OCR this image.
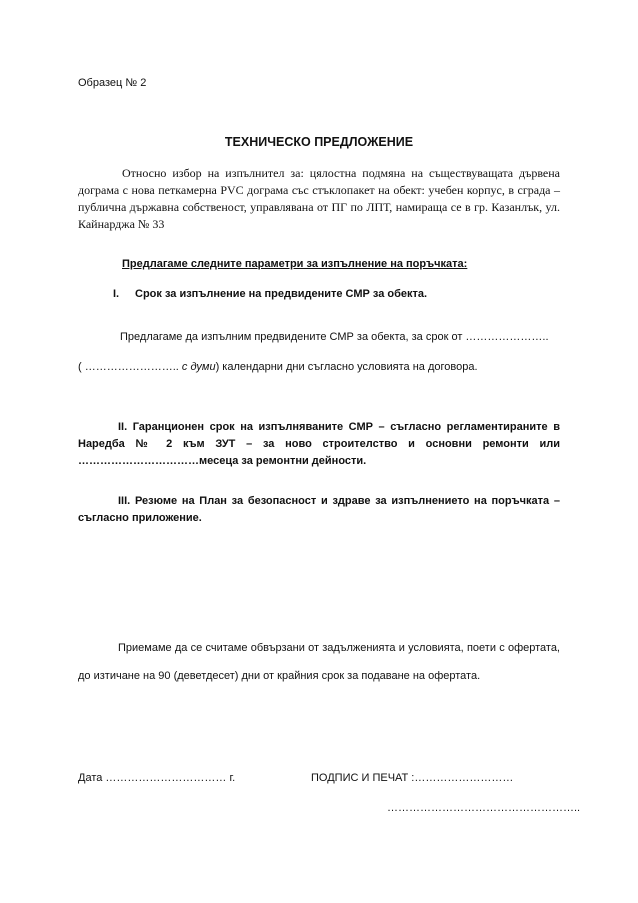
Образец № 2

ТЕХНИЧЕСКО ПРЕДЛОЖЕНИЕ

Относно избор на изпълнител за: цялостна подмяна на съществуващата дървена дограма с нова петкамерна PVC дограма със стъклопакет на обект: учебен корпус, в сграда – публична държавна собственост, управлявана от ПГ по ЛПТ, намираща се в гр. Казанлък, ул. Кайнарджа № 33

Предлагаме следните параметри за изпълнение на поръчката:

I. Срок за изпълнение на предвидените СМР за обекта.

Предлагаме да изпълним предвидените СМР за обекта, за срок от …………………..

( …………………….. с думи) календарни дни съгласно условията на договора.

II. Гаранционен срок на изпълняваните СМР – съгласно регламентираните в Наредба № 2 към ЗУТ – за ново строителство и основни ремонти или ……………………………месеца за ремонтни дейности.

III. Резюме на План за безопасност и здраве за изпълнението на поръчката – съгласно приложение.

Приемаме да се считаме обвързани от задълженията и условията, поети с офертата, до изтичане на 90 (деветдесет) дни от крайния срок за подаване на офертата.

Дата …………………………… г.	ПОДПИС И ПЕЧАТ :………………………

……………………………………………..
